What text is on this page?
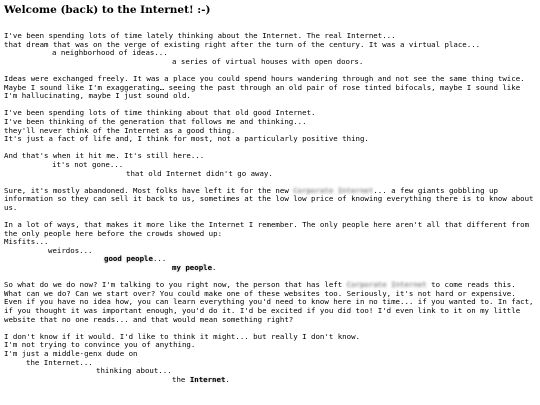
Welcome (back) to the Internet! :-)
I've been spending lots of time lately thinking about the Internet. The real Internet...
that dream that was on the verge of existing right after the turn of the century. It was a virtual place...
a neighborhood of ideas...
a series of virtual houses with open doors.
Ideas were exchanged freely. It was a place you could spend hours wandering through and not see the same thing twice.
Maybe I sound like I'm exaggerating… seeing the past through an old pair of rose tinted bifocals, maybe I sound like
I'm hallucinating, maybe I just sound old.
I've been spending lots of time thinking about that old good Internet.
I've been thinking of the generation that follows me and thinking...
they'll never think of the Internet as a good thing.
It's just a fact of life and, I think for most, not a particularly positive thing.
And that's when it hit me. It's still here...
it's not gone...
that old Internet didn't go away.
Sure, it's mostly abandoned. Most folks have left it for the new Corporate Internet... a few giants gobbling up information so they can sell it back to us, sometimes at the low low price of knowing everything there is to know about us.
In a lot of ways, that makes it more like the Internet I remember. The only people here aren't all that different from the only people here before the crowds showed up:
Misfits...
weirdos...
good people...
my people.
So what do we do now? I'm talking to you right now, the person that has left Corporate Internet to come reads this. What can we do? Can we start over? You could make one of these websites too. Seriously, it's not hard or expensive. Even if you have no idea how, you can learn everything you'd need to know here in no time... if you wanted to. In fact, if you thought it was important enough, you'd do it. I'd be excited if you did too! I'd even link to it on my little website that no one reads... and that would mean something right?
I don't know if it would. I'd like to think it might... but really I don't know.
I'm not trying to convince you of anything.
I'm just a middle-genx dude on
the Internet...
thinking about...
the Internet.
